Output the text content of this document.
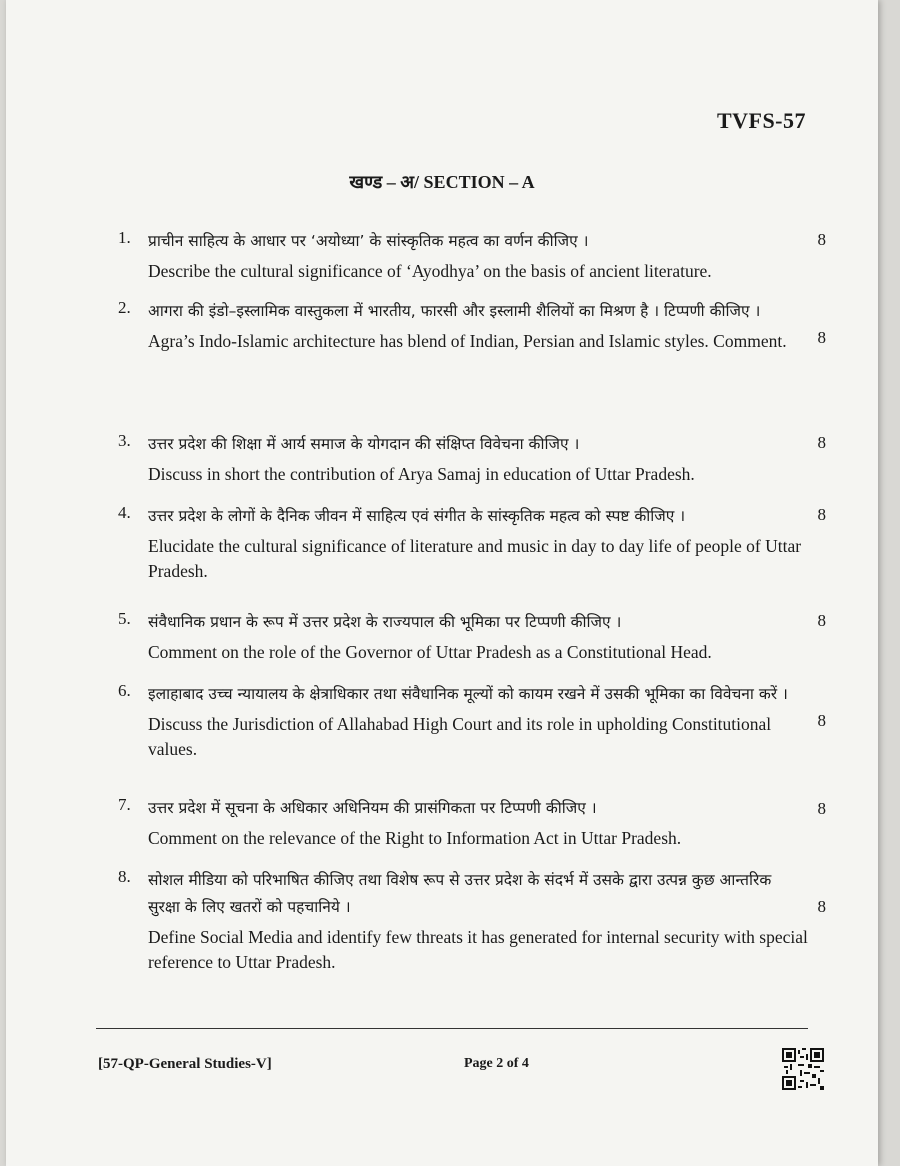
TVFS-57
खण्ड – अ/ SECTION – A
1. प्राचीन साहित्य के आधार पर ‘अयोध्या’ के सांस्कृतिक महत्व का वर्णन कीजिए ।
Describe the cultural significance of ‘Ayodhya’ on the basis of ancient literature.
8
2. आगरा की इंडो–इस्लामिक वास्तुकला में भारतीय, फारसी और इस्लामी शैलियों का मिश्रण है । टिप्पणी कीजिए ।
Agra’s Indo-Islamic architecture has blend of Indian, Persian and Islamic styles. Comment.	8
3. उत्तर प्रदेश की शिक्षा में आर्य समाज के योगदान की संक्षिप्त विवेचना कीजिए ।
Discuss in short the contribution of Arya Samaj in education of Uttar Pradesh.
8
4. उत्तर प्रदेश के लोगों के दैनिक जीवन में साहित्य एवं संगीत के सांस्कृतिक महत्व को स्पष्ट कीजिए ।
Elucidate the cultural significance of literature and music in day to day life of people of Uttar Pradesh.
8
5. संवैधानिक प्रधान के रूप में उत्तर प्रदेश के राज्यपाल की भूमिका पर टिप्पणी कीजिए ।
Comment on the role of the Governor of Uttar Pradesh as a Constitutional Head.
8
6. इलाहाबाद उच्च न्यायालय के क्षेत्राधिकार तथा संवैधानिक मूल्यों को कायम रखने में उसकी भूमिका का विवेचना करें ।
Discuss the Jurisdiction of Allahabad High Court and its role in upholding Constitutional values.
8
7. उत्तर प्रदेश में सूचना के अधिकार अधिनियम की प्रासंगिकता पर टिप्पणी कीजिए ।
Comment on the relevance of the Right to Information Act in Uttar Pradesh.
8
8. सोशल मीडिया को परिभाषित कीजिए तथा विशेष रूप से उत्तर प्रदेश के संदर्भ में उसके द्वारा उत्पन्न कुछ आन्तरिक सुरक्षा के लिए खतरों को पहचानिये ।
Define Social Media and identify few threats it has generated for internal security with special reference to Uttar Pradesh.
8
[57-QP-General Studies-V]	Page 2 of 4
